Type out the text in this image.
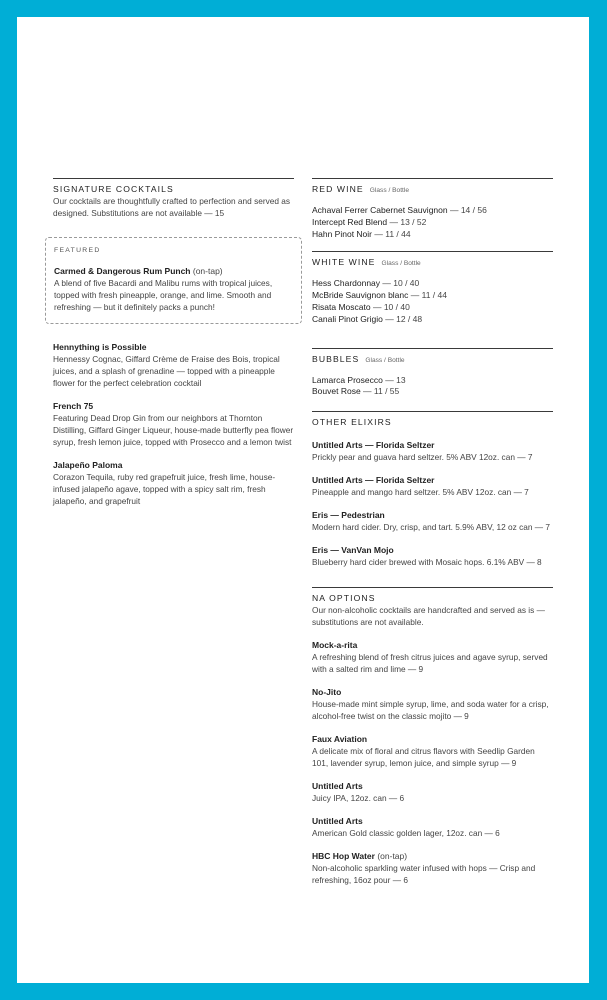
SIGNATURE COCKTAILS
Our cocktails are thoughtfully crafted to perfection and served as designed. Substitutions are not available — 15
FEATURED
Carmed & Dangerous Rum Punch (on-tap)
A blend of five Bacardi and Malibu rums with tropical juices, topped with fresh pineapple, orange, and lime. Smooth and refreshing — but it definitely packs a punch!
Hennything is Possible
Hennessy Cognac, Giffard Crème de Fraise des Bois, tropical juices, and a splash of grenadine — topped with a pineapple flower for the perfect celebration cocktail
French 75
Featuring Dead Drop Gin from our neighbors at Thornton Distilling, Giffard Ginger Liqueur, house-made butterfly pea flower syrup, fresh lemon juice, topped with Prosecco and a lemon twist
Jalapeño Paloma
Corazon Tequila, ruby red grapefruit juice, fresh lime, house-infused jalapeño agave, topped with a spicy salt rim, fresh jalapeño, and grapefruit
RED WINE Glass / Bottle
Achaval Ferrer Cabernet Sauvignon — 14 / 56
Intercept Red Blend — 13 / 52
Hahn Pinot Noir — 11 / 44
WHITE WINE Glass / Bottle
Hess Chardonnay — 10 / 40
McBride Sauvignon blanc — 11 / 44
Risata Moscato — 10 / 40
Canali Pinot Grigio — 12 / 48
BUBBLES Glass / Bottle
Lamarca Prosecco — 13
Bouvet Rose — 11 / 55
OTHER ELIXIRS
Untitled Arts — Florida Seltzer
Prickly pear and guava hard seltzer. 5% ABV 12oz. can — 7
Untitled Arts — Florida Seltzer
Pineapple and mango hard seltzer. 5% ABV 12oz. can — 7
Eris — Pedestrian
Modern hard cider. Dry, crisp, and tart. 5.9% ABV, 12 oz can — 7
Eris — VanVan Mojo
Blueberry hard cider brewed with Mosaic hops. 6.1% ABV — 8
NA OPTIONS
Our non-alcoholic cocktails are handcrafted and served as is — substitutions are not available.
Mock-a-rita
A refreshing blend of fresh citrus juices and agave syrup, served with a salted rim and lime — 9
No-Jito
House-made mint simple syrup, lime, and soda water for a crisp, alcohol-free twist on the classic mojito — 9
Faux Aviation
A delicate mix of floral and citrus flavors with Seedlip Garden 101, lavender syrup, lemon juice, and simple syrup — 9
Untitled Arts
Juicy IPA, 12oz. can — 6
Untitled Arts
American Gold classic golden lager, 12oz. can — 6
HBC Hop Water (on-tap)
Non-alcoholic sparkling water infused with hops — Crisp and refreshing, 16oz pour — 6
